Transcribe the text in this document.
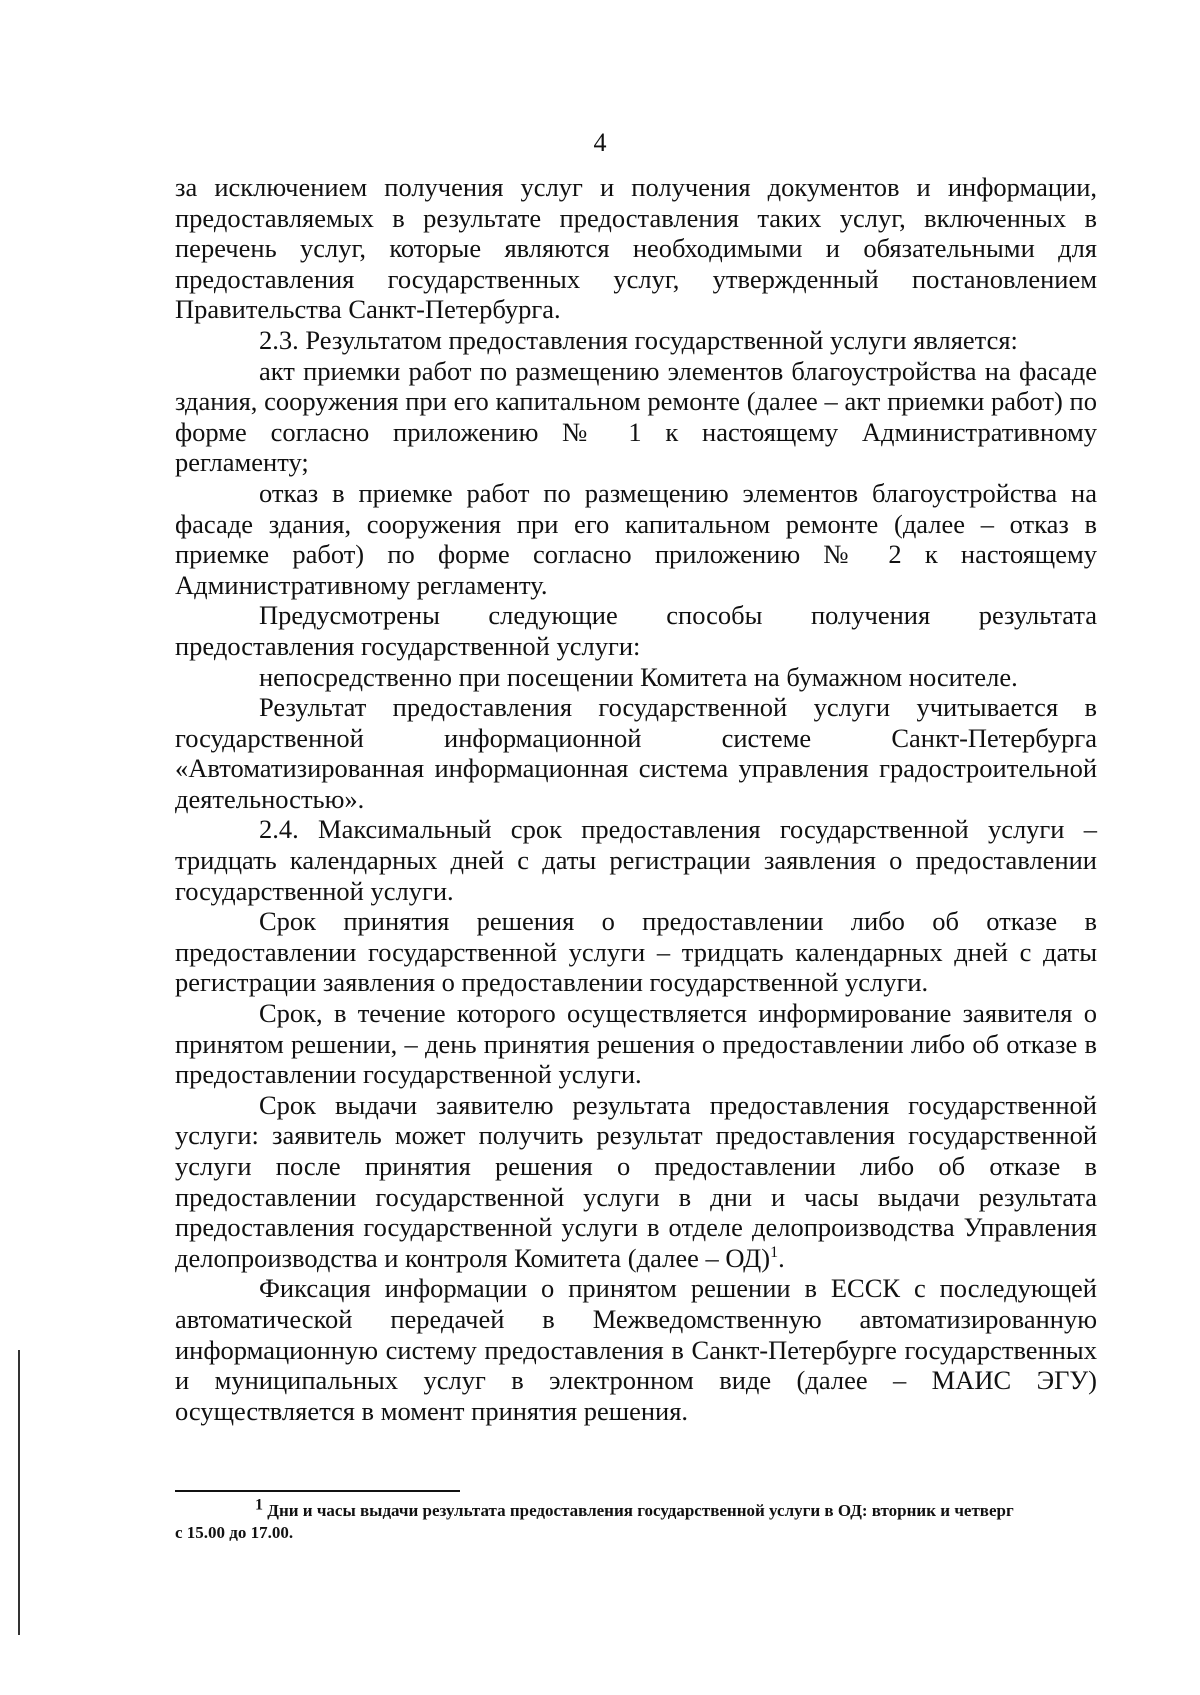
4

за исключением получения услуг и получения документов и информации, предоставляемых в результате предоставления таких услуг, включенных в перечень услуг, которые являются необходимыми и обязательными для предоставления государственных услуг, утвержденный постановлением Правительства Санкт-Петербурга.

2.3. Результатом предоставления государственной услуги является:

акт приемки работ по размещению элементов благоустройства на фасаде здания, сооружения при его капитальном ремонте (далее – акт приемки работ) по форме согласно приложению № 1 к настоящему Административному регламенту;

отказ в приемке работ по размещению элементов благоустройства на фасаде здания, сооружения при его капитальном ремонте (далее – отказ в приемке работ) по форме согласно приложению № 2 к настоящему Административному регламенту.

Предусмотрены следующие способы получения результата предоставления государственной услуги:

непосредственно при посещении Комитета на бумажном носителе.

Результат предоставления государственной услуги учитывается в государственной информационной системе Санкт-Петербурга «Автоматизированная информационная система управления градостроительной деятельностью».

2.4. Максимальный срок предоставления государственной услуги – тридцать календарных дней с даты регистрации заявления о предоставлении государственной услуги.

Срок принятия решения о предоставлении либо об отказе в предоставлении государственной услуги – тридцать календарных дней с даты регистрации заявления о предоставлении государственной услуги.

Срок, в течение которого осуществляется информирование заявителя о принятом решении, – день принятия решения о предоставлении либо об отказе в предоставлении государственной услуги.

Срок выдачи заявителю результата предоставления государственной услуги: заявитель может получить результат предоставления государственной услуги после принятия решения о предоставлении либо об отказе в предоставлении государственной услуги в дни и часы выдачи результата предоставления государственной услуги в отделе делопроизводства Управления делопроизводства и контроля Комитета (далее – ОД)$^1$.

Фиксация информации о принятом решении в ЕССК с последующей автоматической передачей в Межведомственную автоматизированную информационную систему предоставления в Санкт-Петербурге государственных и муниципальных услуг в электронном виде (далее – МАИС ЭГУ) осуществляется в момент принятия решения.

$^1$ Дни и часы выдачи результата предоставления государственной услуги в ОД: вторник и четверг
с 15.00 до 17.00.
